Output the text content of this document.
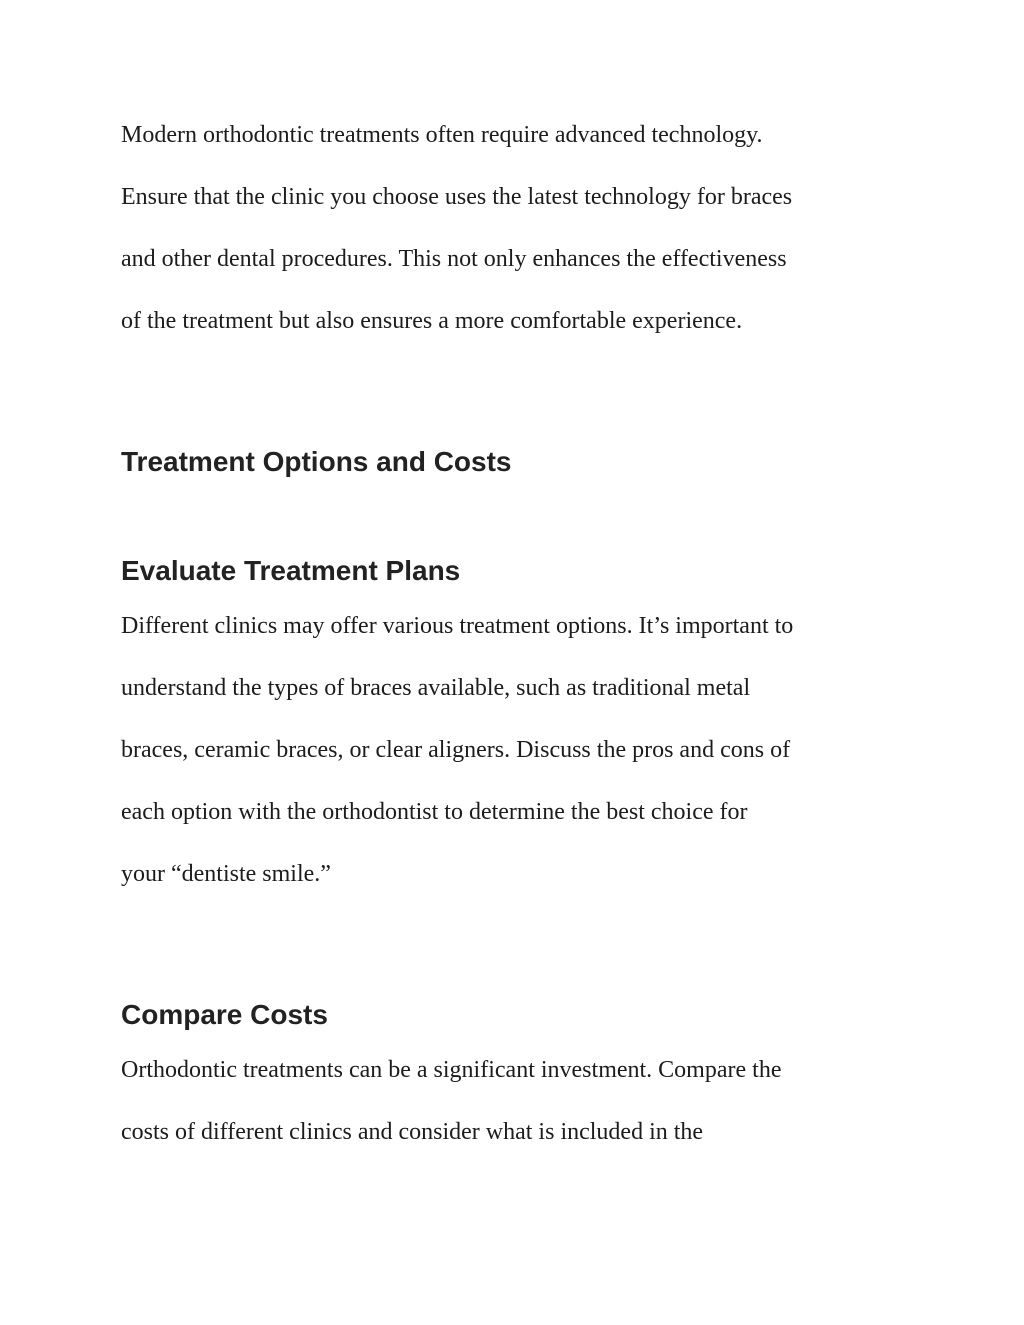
Modern orthodontic treatments often require advanced technology.

Ensure that the clinic you choose uses the latest technology for braces

and other dental procedures. This not only enhances the effectiveness

of the treatment but also ensures a more comfortable experience.

Treatment Options and Costs
Evaluate Treatment Plans

Different clinics may offer various treatment options. It’s important to

understand the types of braces available, such as traditional metal

braces, ceramic braces, or clear aligners. Discuss the pros and cons of

each option with the orthodontist to determine the best choice for

your “dentiste smile.”

Compare Costs

Orthodontic treatments can be a significant investment. Compare the

costs of different clinics and consider what is included in the
